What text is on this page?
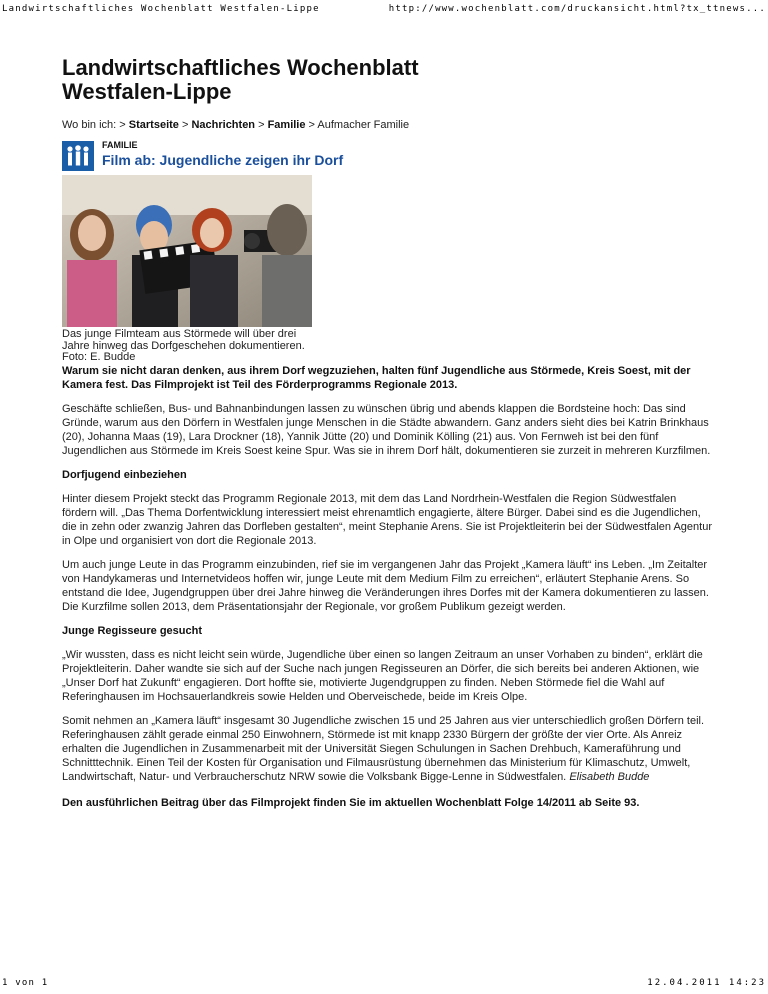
Landwirtschaftliches Wochenblatt Westfalen-Lippe	http://www.wochenblatt.com/druckansicht.html?tx_ttnews...
Landwirtschaftliches Wochenblatt
Westfalen-Lippe
Wo bin ich: > Startseite > Nachrichten > Familie > Aufmacher Familie
FAMILIE
Film ab: Jugendliche zeigen ihr Dorf
Das junge Filmteam aus Störmede will über drei Jahre hinweg das Dorfgeschehen dokumentieren. Foto: E. Budde
Warum sie nicht daran denken, aus ihrem Dorf wegzuziehen, halten fünf Jugendliche aus Störmede, Kreis Soest, mit der Kamera fest. Das Filmprojekt ist Teil des Förderprogramms Regionale 2013.

Geschäfte schließen, Bus- und Bahnanbindungen lassen zu wünschen übrig und abends klappen die Bordsteine hoch: Das sind Gründe, warum aus den Dörfern in Westfalen junge Menschen in die Städte abwandern. Ganz anders sieht dies bei Katrin Brinkhaus (20), Johanna Maas (19), Lara Drockner (18), Yannik Jütte (20) und Dominik Kölling (21) aus. Von Fernweh ist bei den fünf Jugendlichen aus Störmede im Kreis Soest keine Spur. Was sie in ihrem Dorf hält, dokumentieren sie zurzeit in mehreren Kurzfilmen.

Dorfjugend einbeziehen

Hinter diesem Projekt steckt das Programm Regionale 2013, mit dem das Land Nordrhein-Westfalen die Region Südwestfalen fördern will. „Das Thema Dorfentwicklung interessiert meist ehrenamtlich engagierte, ältere Bürger. Dabei sind es die Jugendlichen, die in zehn oder zwanzig Jahren das Dorfleben gestalten“, meint Stephanie Arens. Sie ist Projektleiterin bei der Südwestfalen Agentur in Olpe und organisiert von dort die Regionale 2013.

Um auch junge Leute in das Programm einzubinden, rief sie im vergangenen Jahr das Projekt „Kamera läuft“ ins Leben. „Im Zeitalter von Handykameras und Internetvideos hoffen wir, junge Leute mit dem Medium Film zu erreichen“, erläutert Stephanie Arens. So entstand die Idee, Jugendgruppen über drei Jahre hinweg die Veränderungen ihres Dorfes mit der Kamera dokumentieren zu lassen. Die Kurzfilme sollen 2013, dem Präsentationsjahr der Regionale, vor großem Publikum gezeigt werden.

Junge Regisseure gesucht

„Wir wussten, dass es nicht leicht sein würde, Jugendliche über einen so langen Zeitraum an unser Vorhaben zu binden“, erklärt die Projektleiterin. Daher wandte sie sich auf der Suche nach jungen Regisseuren an Dörfer, die sich bereits bei anderen Aktionen, wie „Unser Dorf hat Zukunft“ engagieren. Dort hoffte sie, motivierte Jugendgruppen zu finden. Neben Störmede fiel die Wahl auf Referinghausen im Hochsauerlandkreis sowie Helden und Oberveischede, beide im Kreis Olpe.

Somit nehmen an „Kamera läuft“ insgesamt 30 Jugendliche zwischen 15 und 25 Jahren aus vier unterschiedlich großen Dörfern teil. Referinghausen zählt gerade einmal 250 Einwohnern, Störmede ist mit knapp 2330 Bürgern der größte der vier Orte. Als Anreiz erhalten die Jugendlichen in Zusammenarbeit mit der Universität Siegen Schulungen in Sachen Drehbuch, Kameraführung und Schnitttechnik. Einen Teil der Kosten für Organisation und Filmausrüstung übernehmen das Ministerium für Klimaschutz, Umwelt, Landwirtschaft, Natur- und Verbraucherschutz NRW sowie die Volksbank Bigge-Lenne in Südwestfalen. Elisabeth Budde

Den ausführlichen Beitrag über das Filmprojekt finden Sie im aktuellen Wochenblatt Folge 14/2011 ab Seite 93.
1 von 1	12.04.2011 14:23
